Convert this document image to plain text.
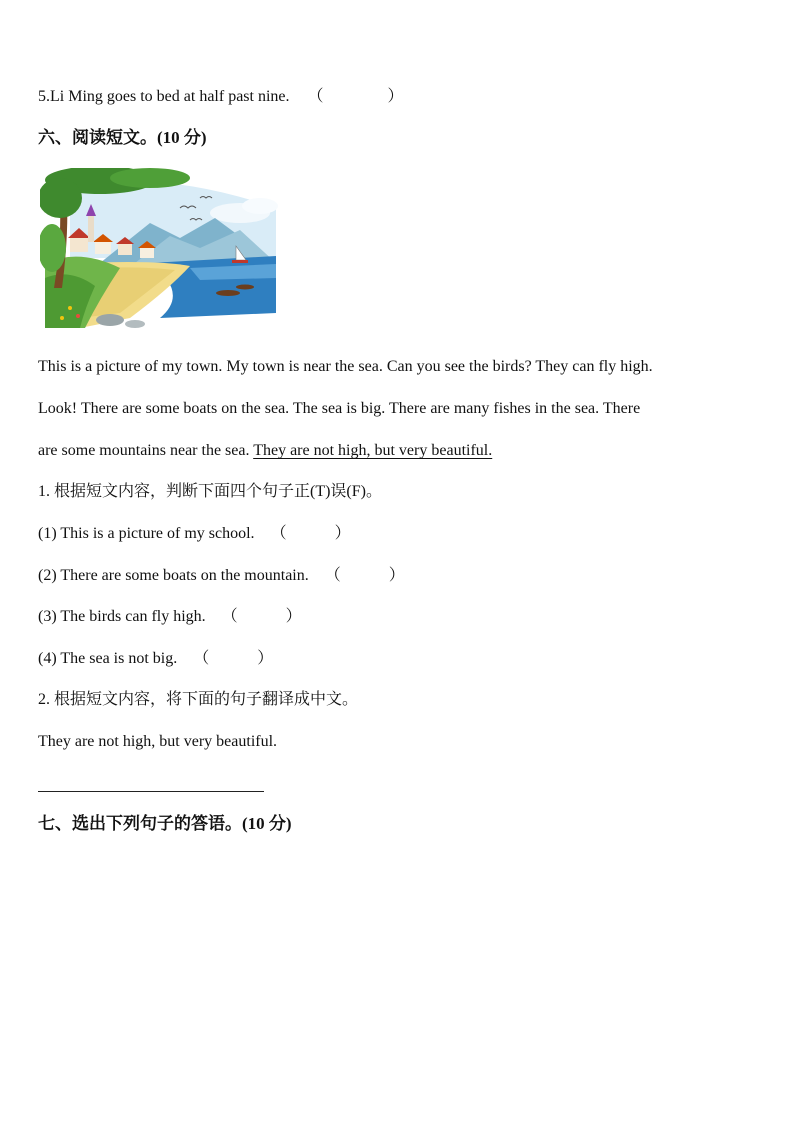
5.Li Ming goes to bed at half past nine. （　　　　）
六、阅读短文。(10 分)
This is a picture of my town. My town is near the sea. Can you see the birds? They can fly high.
Look! There are some boats on the sea. The sea is big. There are many fishes in the sea. There
are some mountains near the sea. They are not high, but very beautiful.
1. 根据短文内容，判断下面四个句子正(T)误(F)。
(1) This is a picture of my school. （　　　）
(2) There are some boats on the mountain. （　　　）
(3) The birds can fly high. （　　　）
(4) The sea is not big. （　　　）
2. 根据短文内容，将下面的句子翻译成中文。
They are not high, but very beautiful.
七、选出下列句子的答语。(10 分)
